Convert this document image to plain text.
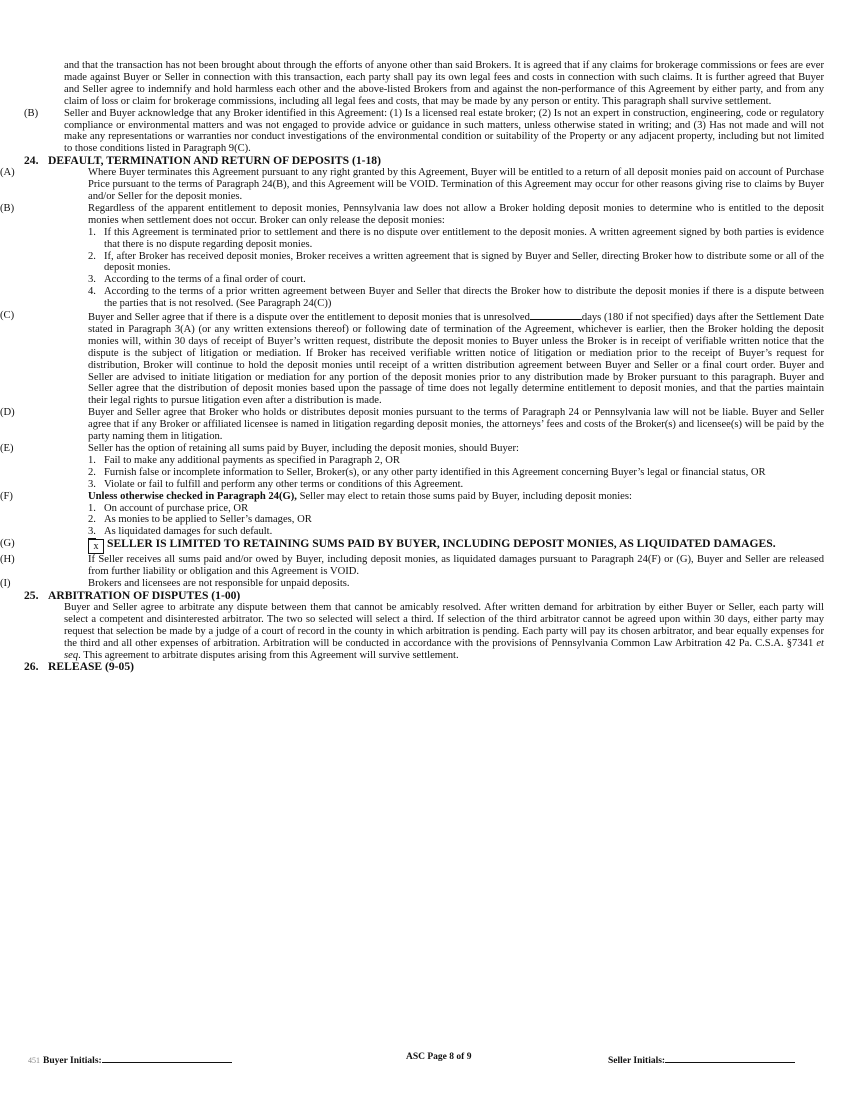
and that the transaction has not been brought about through the efforts of anyone other than said Brokers. It is agreed that if any claims for brokerage commissions or fees are ever made against Buyer or Seller in connection with this transaction, each party shall pay its own legal fees and costs in connection with such claims. It is further agreed that Buyer and Seller agree to indemnify and hold harmless each other and the above-listed Brokers from and against the non-performance of this Agreement by either party, and from any claim of loss or claim for brokerage commissions, including all legal fees and costs, that may be made by any person or entity. This paragraph shall survive settlement.
(B)	Seller and Buyer acknowledge that any Broker identified in this Agreement: (1) Is a licensed real estate broker; (2) Is not an expert in construction, engineering, code or regulatory compliance or environmental matters and was not engaged to provide advice or guidance in such matters, unless otherwise stated in writing; and (3) Has not made and will not make any representations or warranties nor conduct investigations of the environmental condition or suitability of the Property or any adjacent property, including but not limited to those conditions listed in Paragraph 9(C).
24. DEFAULT, TERMINATION AND RETURN OF DEPOSITS (1-18)
(A)	Where Buyer terminates this Agreement pursuant to any right granted by this Agreement, Buyer will be entitled to a return of all deposit monies paid on account of Purchase Price pursuant to the terms of Paragraph 24(B), and this Agreement will be VOID. Termination of this Agreement may occur for other reasons giving rise to claims by Buyer and/or Seller for the deposit monies.
(B)	Regardless of the apparent entitlement to deposit monies, Pennsylvania law does not allow a Broker holding deposit monies to determine who is entitled to the deposit monies when settlement does not occur. Broker can only release the deposit monies:
1. If this Agreement is terminated prior to settlement and there is no dispute over entitlement to the deposit monies. A written agreement signed by both parties is evidence that there is no dispute regarding deposit monies.
2. If, after Broker has received deposit monies, Broker receives a written agreement that is signed by Buyer and Seller, directing Broker how to distribute some or all of the deposit monies.
3. According to the terms of a final order of court.
4. According to the terms of a prior written agreement between Buyer and Seller that directs the Broker how to distribute the deposit monies if there is a dispute between the parties that is not resolved. (See Paragraph 24(C))
(C)	Buyer and Seller agree that if there is a dispute over the entitlement to deposit monies that is unresolved	days (180 if not specified) days after the Settlement Date stated in Paragraph 3(A) (or any written extensions thereof) or following date of termination of the Agreement, whichever is earlier, then the Broker holding the deposit monies will, within 30 days of receipt of Buyer’s written request, distribute the deposit monies to Buyer unless the Broker is in receipt of verifiable written notice that the dispute is the subject of litigation or mediation. If Broker has received verifiable written notice of litigation or mediation prior to the receipt of Buyer’s request for distribution, Broker will continue to hold the deposit monies until receipt of a written distribution agreement between Buyer and Seller or a final court order. Buyer and Seller are advised to initiate litigation or mediation for any portion of the deposit monies prior to any distribution made by Broker pursuant to this paragraph. Buyer and Seller agree that the distribution of deposit monies based upon the passage of time does not legally determine entitlement to deposit monies, and that the parties maintain their legal rights to pursue litigation even after a distribution is made.
(D)	Buyer and Seller agree that Broker who holds or distributes deposit monies pursuant to the terms of Paragraph 24 or Pennsylvania law will not be liable. Buyer and Seller agree that if any Broker or affiliated licensee is named in litigation regarding deposit monies, the attorneys’ fees and costs of the Broker(s) and licensee(s) will be paid by the party naming them in litigation.
(E)	Seller has the option of retaining all sums paid by Buyer, including the deposit monies, should Buyer:
1. Fail to make any additional payments as specified in Paragraph 2, OR
2. Furnish false or incomplete information to Seller, Broker(s), or any other party identified in this Agreement concerning Buyer’s legal or financial status, OR
3. Violate or fail to fulfill and perform any other terms or conditions of this Agreement.
(F)	Unless otherwise checked in Paragraph 24(G), Seller may elect to retain those sums paid by Buyer, including deposit monies:
1. On account of purchase price, OR
2. As monies to be applied to Seller’s damages, OR
3. As liquidated damages for such default.
(G)	x SELLER IS LIMITED TO RETAINING SUMS PAID BY BUYER, INCLUDING DEPOSIT MONIES, AS LIQUIDATED DAMAGES.
(H)	If Seller receives all sums paid and/or owed by Buyer, including deposit monies, as liquidated damages pursuant to Paragraph 24(F) or (G), Buyer and Seller are released from further liability or obligation and this Agreement is VOID.
(I)	Brokers and licensees are not responsible for unpaid deposits.
25. ARBITRATION OF DISPUTES (1-00)
Buyer and Seller agree to arbitrate any dispute between them that cannot be amicably resolved. After written demand for arbitration by either Buyer or Seller, each party will select a competent and disinterested arbitrator. The two so selected will select a third. If selection of the third arbitrator cannot be agreed upon within 30 days, either party may request that selection be made by a judge of a court of record in the county in which arbitration is pending. Each party will pay its chosen arbitrator, and bear equally expenses for the third and all other expenses of arbitration. Arbitration will be conducted in accordance with the provisions of Pennsylvania Common Law Arbitration 42 Pa. C.S.A. §7341 et seq. This agreement to arbitrate disputes arising from this Agreement will survive settlement.
26. RELEASE (9-05)
451 Buyer Initials:	ASC Page 8 of 9	Seller Initials:
